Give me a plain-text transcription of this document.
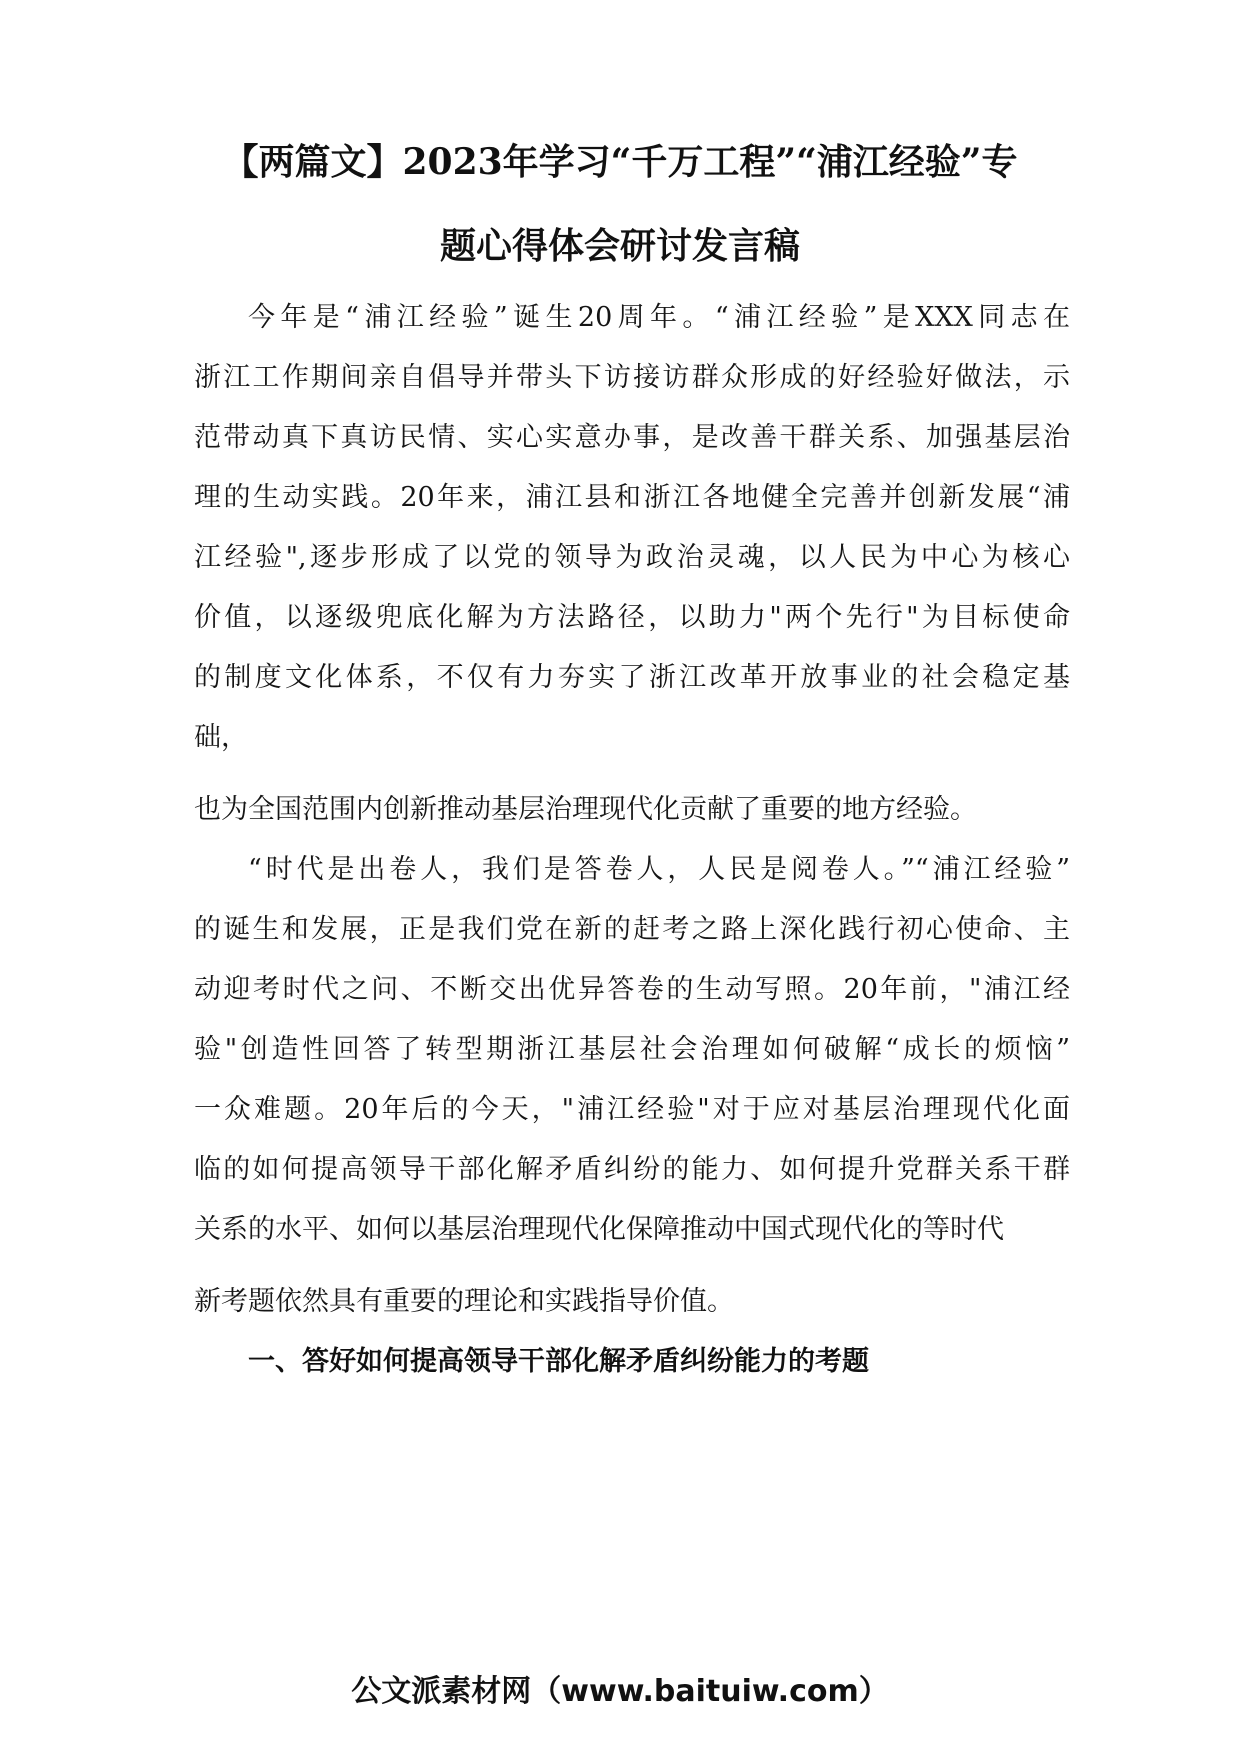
【两篇文】2023年学习“千万工程”“浦江经验”专
题心得体会研讨发言稿
今年是“浦江经验”诞生20周年。“浦江经验”是XXX同志在
浙江工作期间亲自倡导并带头下访接访群众形成的好经验好做法，示
范带动真下真访民情、实心实意办事，是改善干群关系、加强基层治
理的生动实践。20年来，浦江县和浙江各地健全完善并创新发展“浦
江经验",逐步形成了以党的领导为政治灵魂，以人民为中心为核心
价值，以逐级兜底化解为方法路径，以助力"两个先行"为目标使命
的制度文化体系，不仅有力夯实了浙江改革开放事业的社会稳定基
础，
也为全国范围内创新推动基层治理现代化贡献了重要的地方经验。
“时代是出卷人，我们是答卷人，人民是阅卷人。”“浦江经验”
的诞生和发展，正是我们党在新的赶考之路上深化践行初心使命、主
动迎考时代之问、不断交出优异答卷的生动写照。20年前，"浦江经
验"创造性回答了转型期浙江基层社会治理如何破解“成长的烦恼”
一众难题。20年后的今天，"浦江经验"对于应对基层治理现代化面
临的如何提高领导干部化解矛盾纠纷的能力、如何提升党群关系干群
关系的水平、如何以基层治理现代化保障推动中国式现代化的等时代
新考题依然具有重要的理论和实践指导价值。
一、答好如何提高领导干部化解矛盾纠纷能力的考题
公文派素材网（www.baituiw.com）
